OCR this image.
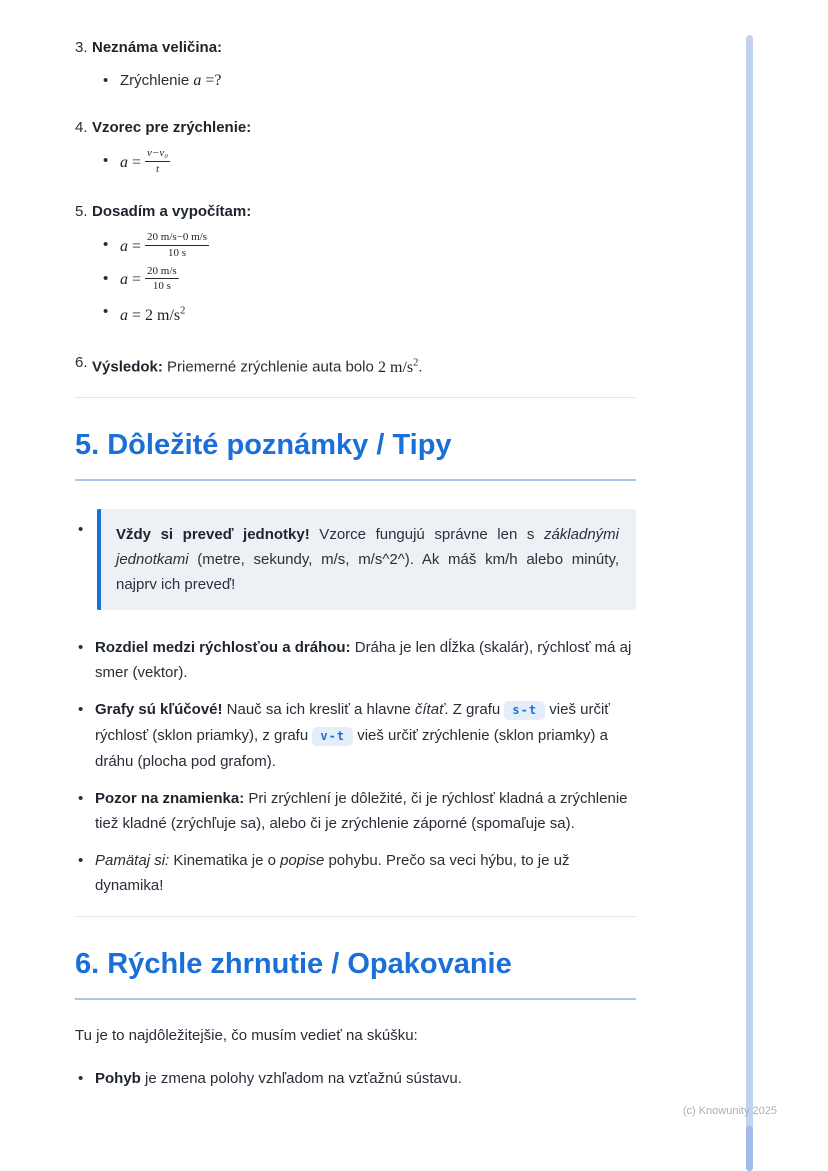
3. Neznáma veličina:
• Zrýchlenie a =?
4. Vzorec pre zrýchlenie:
• $a = \frac{\text{v−v₀}}{t}$
5. Dosadím a vypočítam:
• $a = \frac{20 m/s-0 m/s}{10 s}$
• $a = \frac{20 m/s}{10 s}$
• a = 2 $m/s^2$
6. Výsledok: Priemerné zrýchlenie auta bolo 2 $m/s^2$.
5. Dôležité poznámky / Tipy
•
Vždy si preveď jednotky! Vzorce fungujú správne len s základnými jednotkami (metre, sekundy, m/s, m/s^2^). Ak máš km/h alebo minúty, najprv ich preveď!
• Rozdiel medzi rýchlosťou a dráhou: Dráha je len dĺžka (skalár), rýchlosť má aj smer (vektor).
• Grafy sú kľúčové! Nauč sa ich kresliť a hlavne čítať. Z grafu s-t vieš určiť rýchlosť (sklon priamky), z grafu v-t vieš určiť zrýchlenie (sklon priamky) a dráhu (plocha pod grafom).
• Pozor na znamienka: Pri zrýchlení je dôležité, či je rýchlosť kladná a zrýchlenie tiež kladné (zrýchľuje sa), alebo či je zrýchlenie záporné (spomaľuje sa).
• Pamätaj si: Kinematika je o popise pohybu. Prečo sa veci hýbu, to je už dynamika!
6. Rýchle zhrnutie / Opakovanie

Tu je to najdôležitejšie, čo musím vedieť na skúšku:

• Pohyb je zmena polohy vzhľadom na vzťažnú sústavu.
(c) Knowunity 2025
